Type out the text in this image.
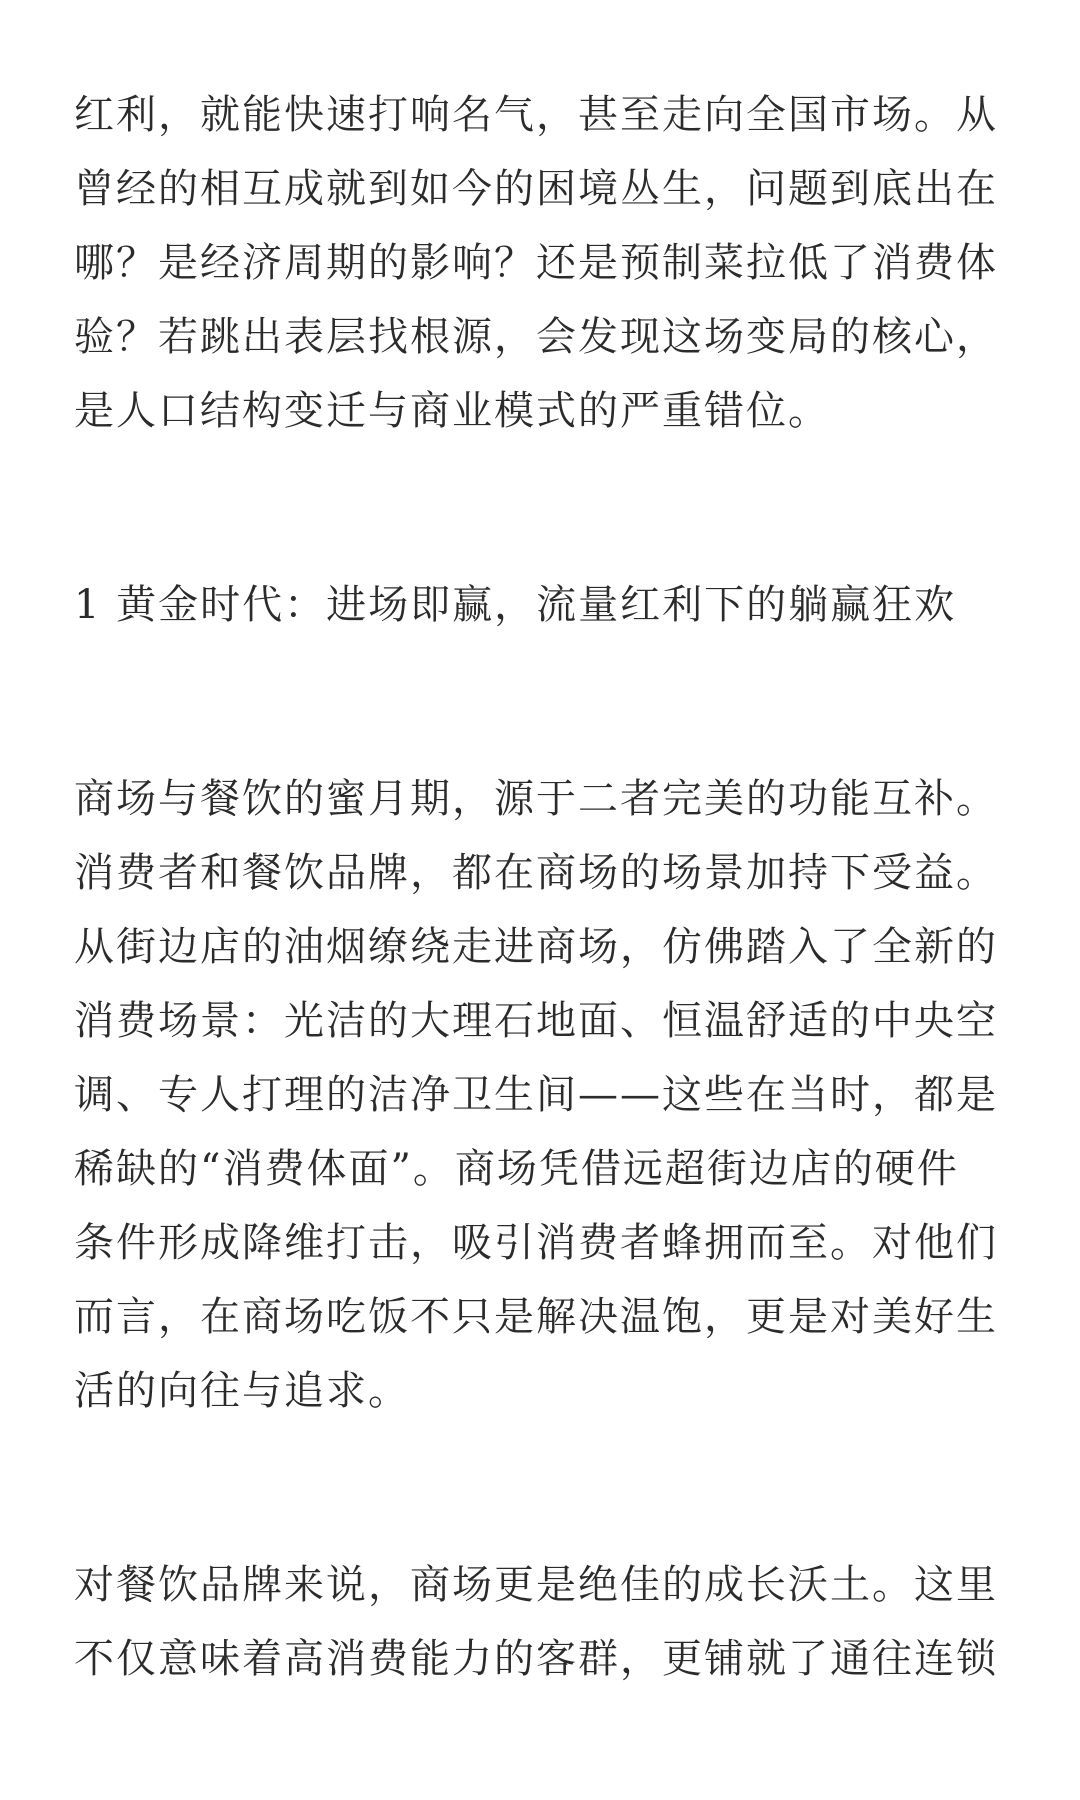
红利，就能快速打响名气，甚至走向全国市场。从
曾经的相互成就到如今的困境丛生，问题到底出在
哪？是经济周期的影响？还是预制菜拉低了消费体
验？若跳出表层找根源，会发现这场变局的核心，
是人口结构变迁与商业模式的严重错位。

1 黄金时代：进场即赢，流量红利下的躺赢狂欢

商场与餐饮的蜜月期，源于二者完美的功能互补。
消费者和餐饮品牌，都在商场的场景加持下受益。
从街边店的油烟缭绕走进商场，仿佛踏入了全新的
消费场景：光洁的大理石地面、恒温舒适的中央空
调、专人打理的洁净卫生间——这些在当时，都是
稀缺的“消费体面”。商场凭借远超街边店的硬件
条件形成降维打击，吸引消费者蜂拥而至。对他们
而言，在商场吃饭不只是解决温饱，更是对美好生
活的向往与追求。

对餐饮品牌来说，商场更是绝佳的成长沃土。这里
不仅意味着高消费能力的客群，更铺就了通往连锁
